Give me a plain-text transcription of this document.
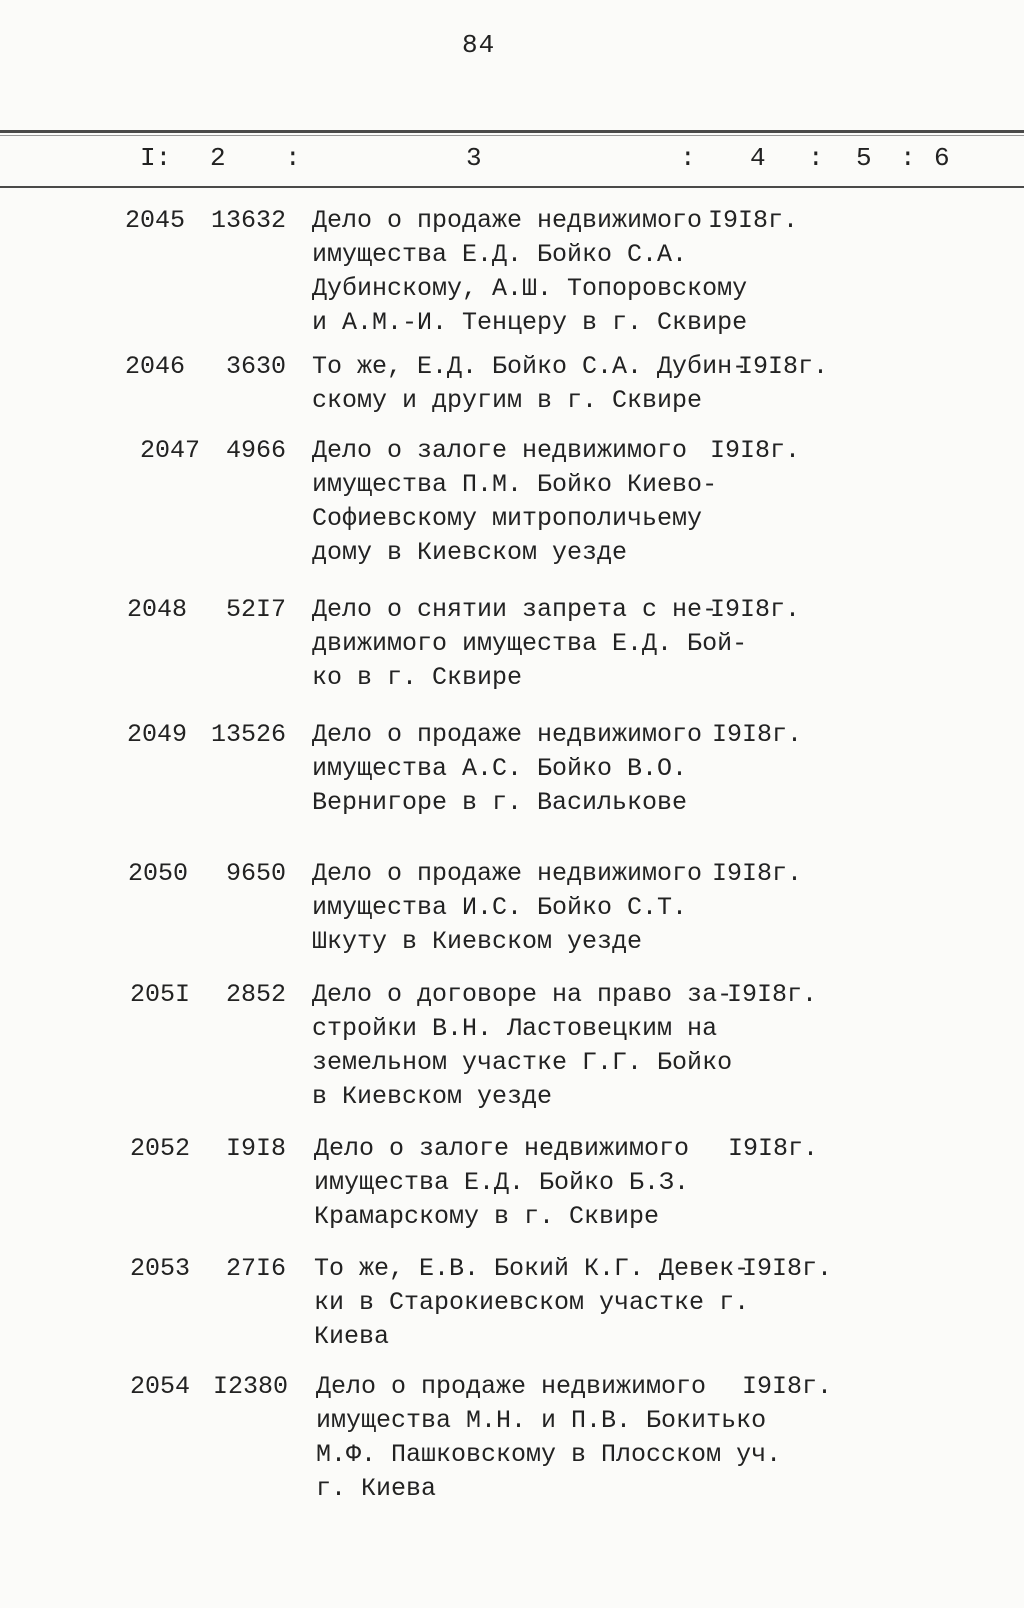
84
I: 2 :	3	: 4 : 5 : 6
2045	13632 Дело о продаже недвижимого
имущества Е.Д. Бойко С.А.
Дубинскому, А.Ш. Топоровскому
и А.М.-И. Тенцеру в г. Сквире
I9I8г.
2046	3630 То же, Е.Д. Бойко С.А. Дубин-
скому и другим в г. Сквире
I9I8г.
2047	4966 Дело о залоге недвижимого
имущества П.М. Бойко Киево-
Софиевскому митрополичьему
дому в Киевском уезде
I9I8г.
2048	52I7 Дело о снятии запрета с не-
движимого имущества Е.Д. Бой-
ко в г. Сквире
I9I8г.
2049 13526 Дело о продаже недвижимого
имущества А.С. Бойко В.О.
Вернигоре в г. Василькове
I9I8г.
2050	9650 Дело о продаже недвижимого
имущества И.С. Бойко С.Т.
Шкуту в Киевском уезде
I9I8г.
205I	2852 Дело о договоре на право за-
стройки В.Н. Ластовецким на
земельном участке Г.Г. Бойко
в Киевском уезде
I9I8г.
2052	I9I8 Дело о залоге недвижимого
имущества Е.Д. Бойко Б.З.
Крамарскому в г. Сквире
I9I8г.
2053	27I6 То же, Е.В. Бокий К.Г. Девек-
ки в Старокиевском участке г.
Киева
I9I8г.
2054 I2380 Дело о продаже недвижимого
имущества М.Н. и П.В. Бокитько
М.Ф. Пашковскому в Плосском уч.
г. Киева
I9I8г.
